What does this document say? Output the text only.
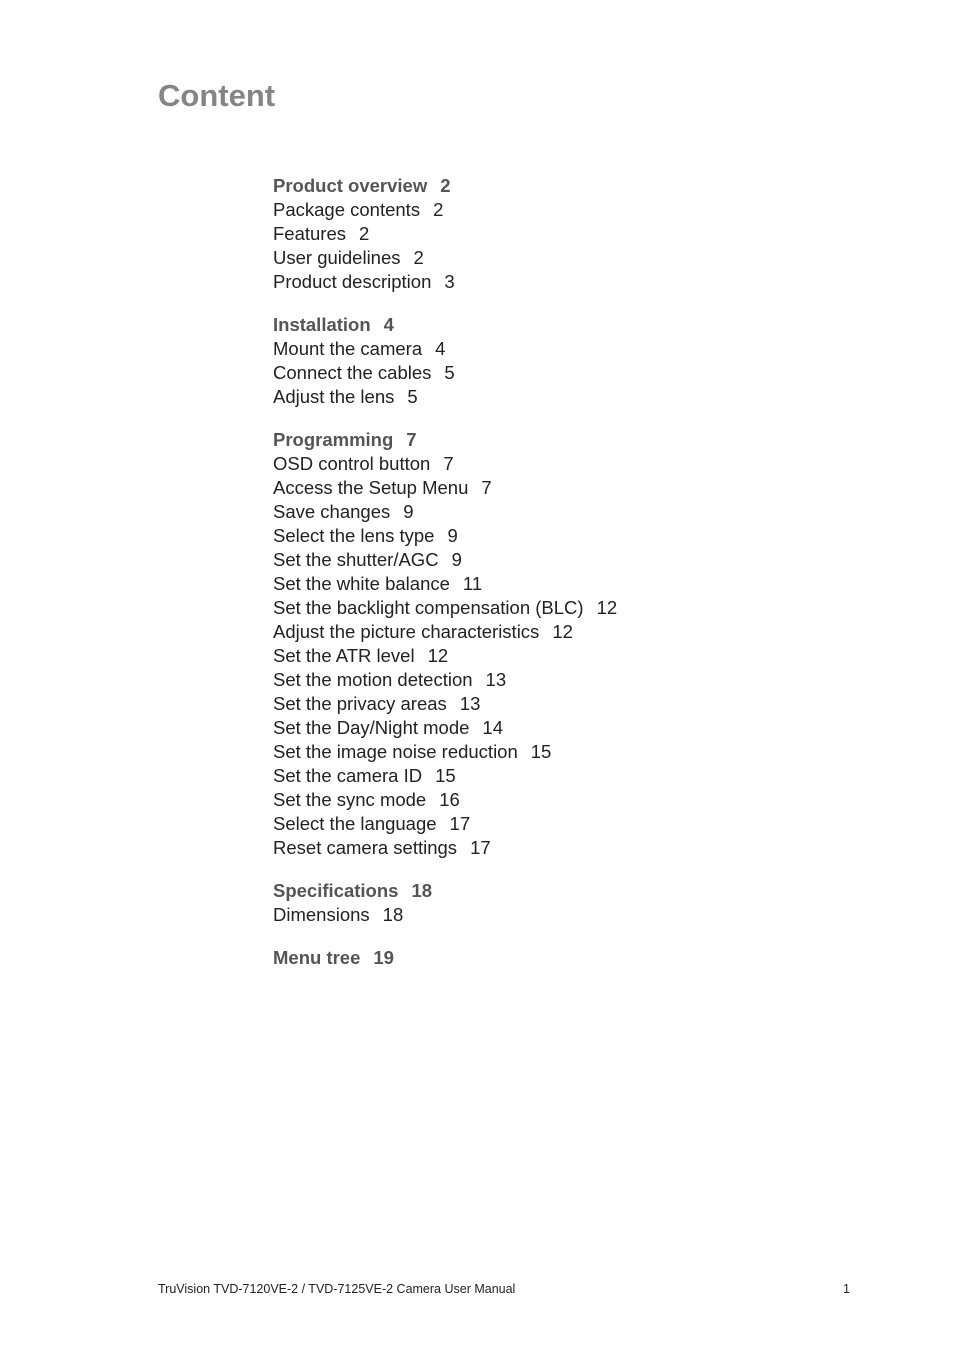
Content
Product overview 2
Package contents 2
Features 2
User guidelines 2
Product description 3
Installation 4
Mount the camera 4
Connect the cables 5
Adjust the lens 5
Programming 7
OSD control button 7
Access the Setup Menu 7
Save changes 9
Select the lens type 9
Set the shutter/AGC 9
Set the white balance 11
Set the backlight compensation (BLC) 12
Adjust the picture characteristics 12
Set the ATR level 12
Set the motion detection 13
Set the privacy areas 13
Set the Day/Night mode 14
Set the image noise reduction 15
Set the camera ID 15
Set the sync mode 16
Select the language 17
Reset camera settings 17
Specifications 18
Dimensions 18
Menu tree 19
TruVision TVD-7120VE-2 / TVD-7125VE-2 Camera User Manual	1
